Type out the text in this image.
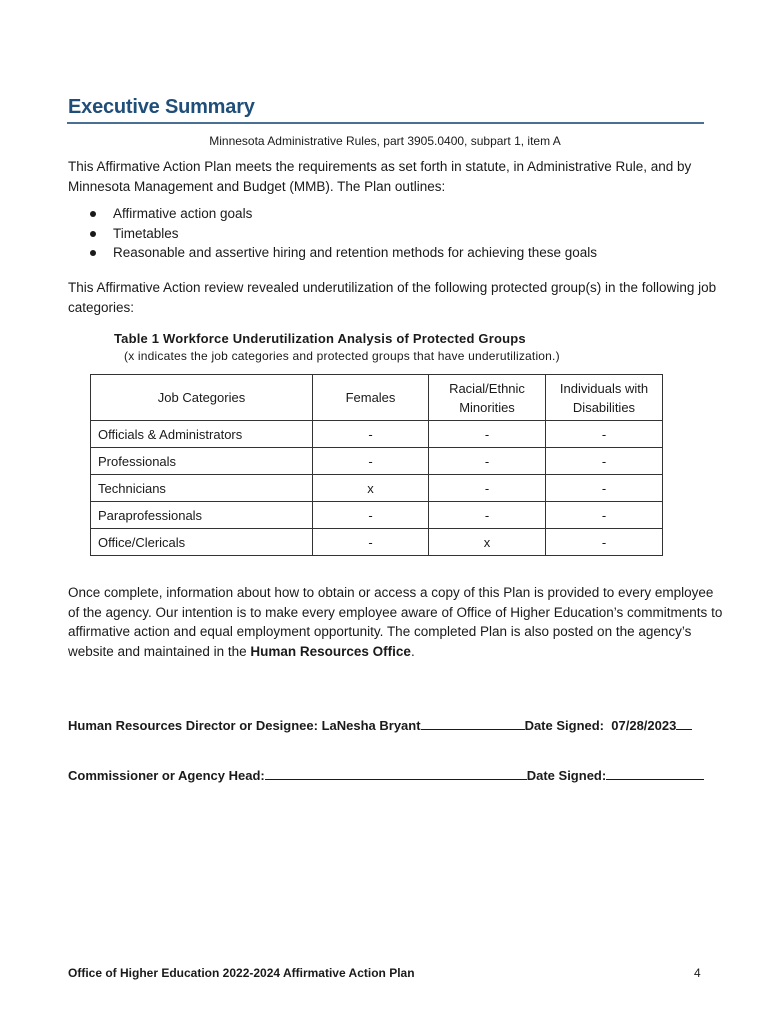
Executive Summary
Minnesota Administrative Rules, part 3905.0400, subpart 1, item A
This Affirmative Action Plan meets the requirements as set forth in statute, in Administrative Rule, and by Minnesota Management and Budget (MMB). The Plan outlines:
Affirmative action goals
Timetables
Reasonable and assertive hiring and retention methods for achieving these goals
This Affirmative Action review revealed underutilization of the following protected group(s) in the following job categories:
Table 1 Workforce Underutilization Analysis of Protected Groups
(x indicates the job categories and protected groups that have underutilization.)
Job Categories	Females	Racial/Ethnic Minorities	Individuals with Disabilities
Officials & Administrators	-	-	-
Professionals	-	-	-
Technicians	x	-	-
Paraprofessionals	-	-	-
Office/Clericals	-	x	-
Once complete, information about how to obtain or access a copy of this Plan is provided to every employee of the agency. Our intention is to make every employee aware of Office of Higher Education’s commitments to affirmative action and equal employment opportunity. The completed Plan is also posted on the agency’s website and maintained in the Human Resources Office.
Human Resources Director or Designee: LaNesha Bryant	Date Signed: 07/28/2023
Commissioner or Agency Head:	Date Signed:
Office of Higher Education 2022-2024 Affirmative Action Plan	4
